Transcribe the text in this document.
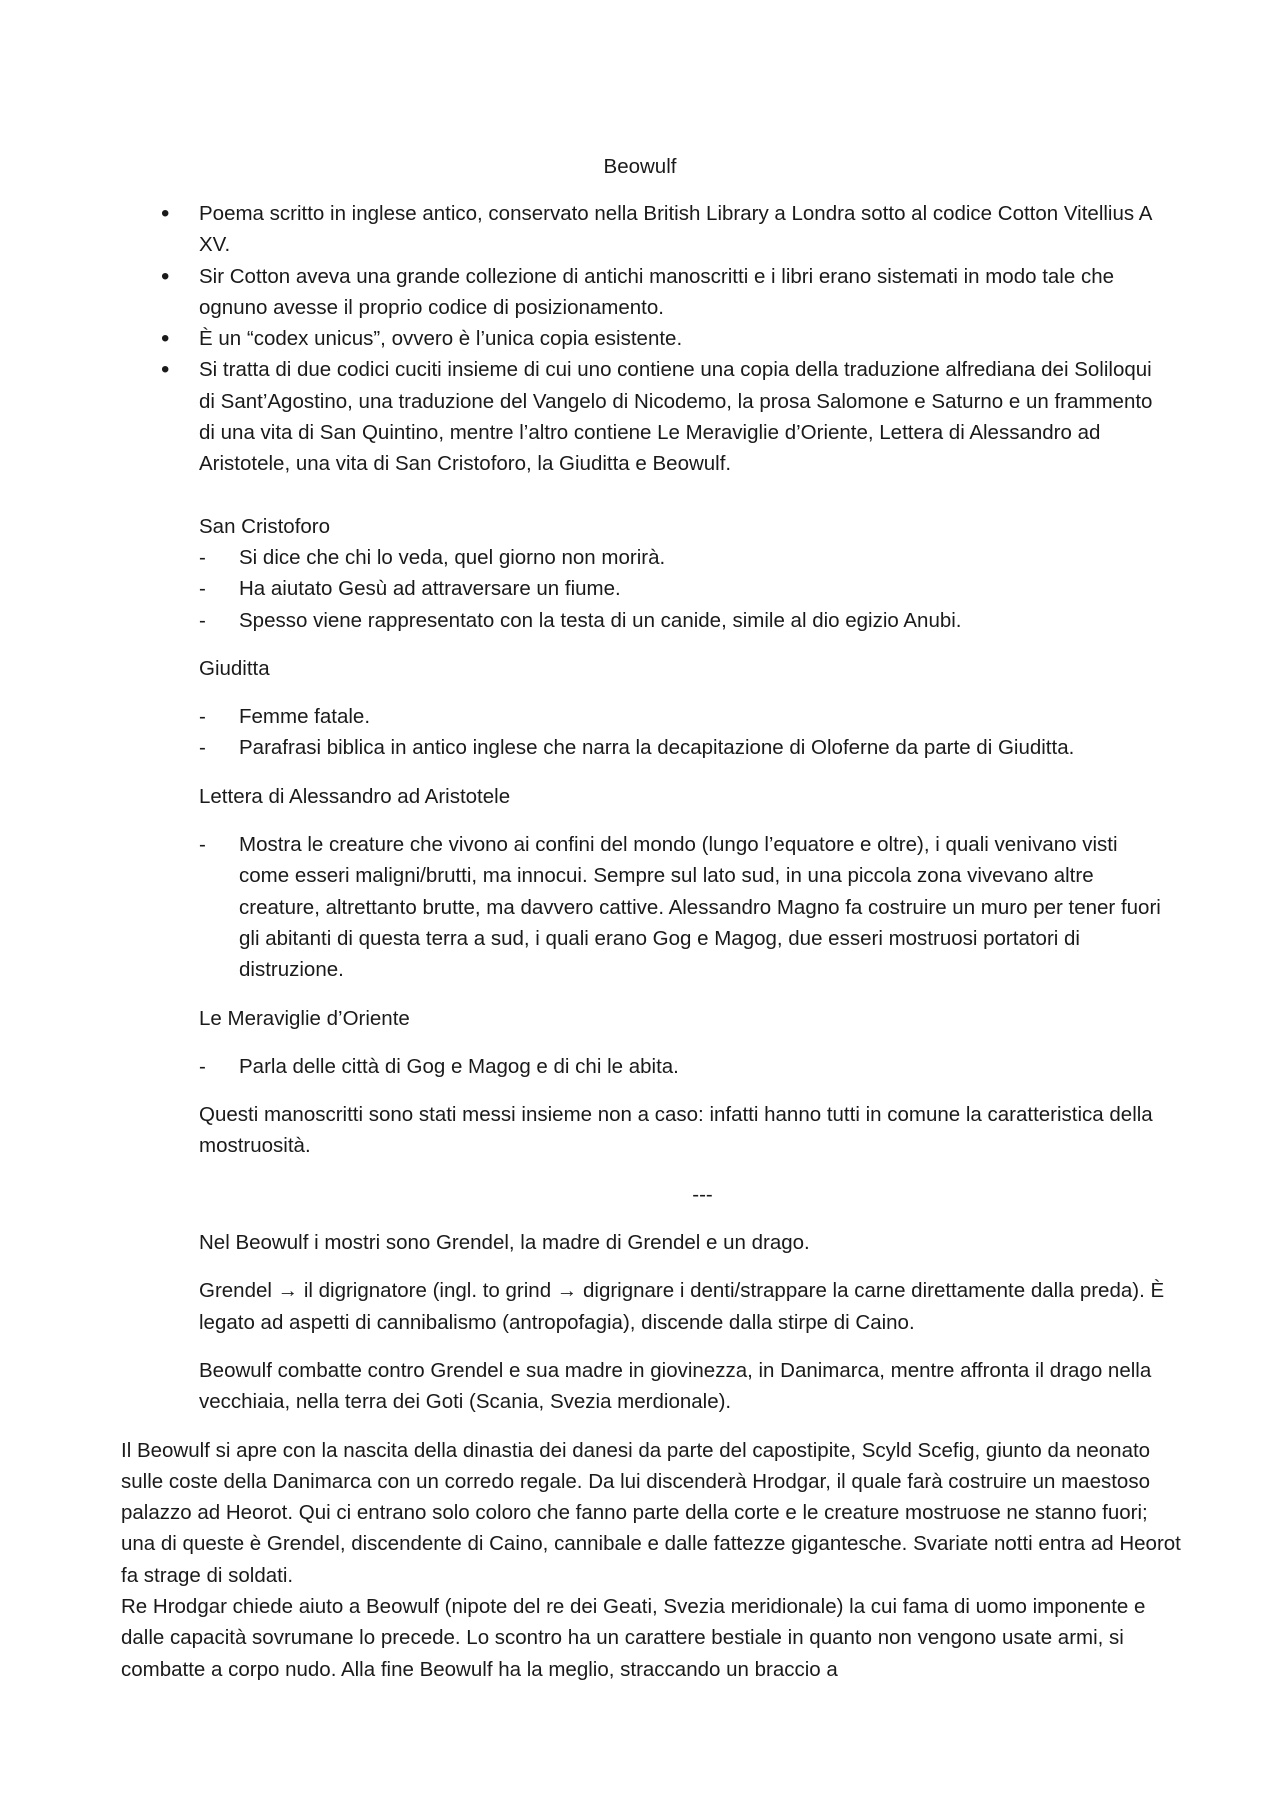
Beowulf
• Poema scritto in inglese antico, conservato nella British Library a Londra sotto al codice Cotton Vitellius A XV.
• Sir Cotton aveva una grande collezione di antichi manoscritti e i libri erano sistemati in modo tale che ognuno avesse il proprio codice di posizionamento.
• È un “codex unicus”, ovvero è l’unica copia esistente.
• Si tratta di due codici cuciti insieme di cui uno contiene una copia della traduzione alfrediana dei Soliloqui di Sant’Agostino, una traduzione del Vangelo di Nicodemo, la prosa Salomone e Saturno e un frammento di una vita di San Quintino, mentre l’altro contiene Le Meraviglie d’Oriente, Lettera di Alessandro ad Aristotele, una vita di San Cristoforo, la Giuditta e Beowulf.

San Cristoforo

- Si dice che chi lo veda, quel giorno non morirà.
- Ha aiutato Gesù ad attraversare un fiume.
- Spesso viene rappresentato con la testa di un canide, simile al dio egizio Anubi.

Giuditta

- Femme fatale.
- Parafrasi biblica in antico inglese che narra la decapitazione di Oloferne da parte di Giuditta.

Lettera di Alessandro ad Aristotele

- Mostra le creature che vivono ai confini del mondo (lungo l’equatore e oltre), i quali venivano visti come esseri maligni/brutti, ma innocui. Sempre sul lato sud, in una piccola zona vivevano altre creature, altrettanto brutte, ma davvero cattive. Alessandro Magno fa costruire un muro per tener fuori gli abitanti di questa terra a sud, i quali erano Gog e Magog, due esseri mostruosi portatori di distruzione.

Le Meraviglie d’Oriente

- Parla delle città di Gog e Magog e di chi le abita.

Questi manoscritti sono stati messi insieme non a caso: infatti hanno tutti in comune la caratteristica della mostruosità.

---

Nel Beowulf i mostri sono Grendel, la madre di Grendel e un drago.

Grendel → il digrignatore (ingl. to grind → digrignare i denti/strappare la carne direttamente dalla preda). È legato ad aspetti di cannibalismo (antropofagia), discende dalla stirpe di Caino.

Beowulf combatte contro Grendel e sua madre in giovinezza, in Danimarca, mentre affronta il drago nella vecchiaia, nella terra dei Goti (Scania, Svezia merdionale).

Il Beowulf si apre con la nascita della dinastia dei danesi da parte del capostipite, Scyld Scefig, giunto da neonato sulle coste della Danimarca con un corredo regale. Da lui discenderà Hrodgar, il quale farà costruire un maestoso palazzo ad Heorot. Qui ci entrano solo coloro che fanno parte della corte e le creature mostruose ne stanno fuori; una di queste è Grendel, discendente di Caino, cannibale e dalle fattezze gigantesche. Svariate notti entra ad Heorot fa strage di soldati.

Re Hrodgar chiede aiuto a Beowulf (nipote del re dei Geati, Svezia meridionale) la cui fama di uomo imponente e dalle capacità sovrumane lo precede. Lo scontro ha un carattere bestiale in quanto non vengono usate armi, si combatte a corpo nudo. Alla fine Beowulf ha la meglio, straccando un braccio a
